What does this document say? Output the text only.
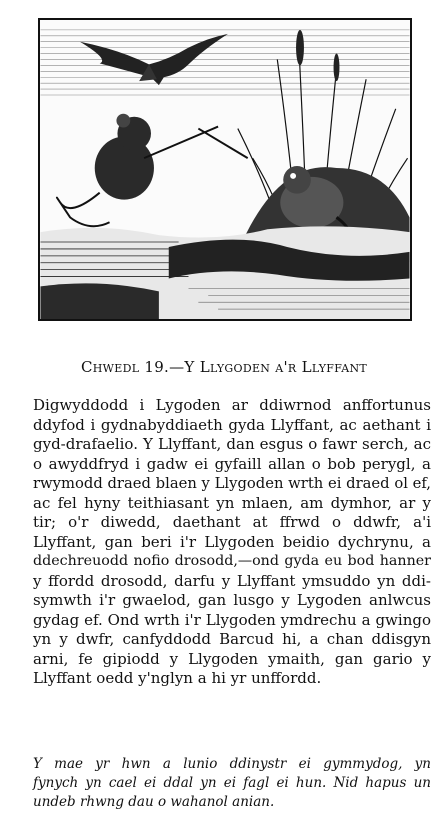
Chwedl 19.—Y Llygoden a'r Llyffant
Digwyddodd i Lygoden ar ddiwrnod anffortunus
ddyfod i gydnabyddiaeth gyda Llyffant, ac aethant i
gyd-drafaelio. Y Llyffant, dan esgus o fawr serch, ac
o awyddfryd i gadw ei gyfaill allan o bob perygl, a
rwymodd draed blaen y Llygoden wrth ei draed ol ef,
ac fel hyny teithiasant yn mlaen, am dymhor, ar y
tir; o'r diwedd, daethant at ffrwd o ddwfr, a'i
Llyffant, gan beri i'r Llygoden beidio dychrynu, a
ddechreuodd nofio drosodd,—ond gyda eu bod hanner
y ffordd drosodd, darfu y Llyffant ymsuddo yn ddi-
symwth i'r gwaelod, gan lusgo y Lygoden anlwcus
gydag ef. Ond wrth i'r Llygoden ymdrechu a gwingo
yn y dwfr, canfyddodd Barcud hi, a chan ddisgyn
arni, fe gipiodd y Llygoden ymaith, gan gario y
Llyffant oedd y'nglyn a hi yr unffordd.
Y mae yr hwn a lunio ddinystr ei gymmydog, yn
fynych yn cael ei ddal yn ei fagl ei hun. Nid hapus un
undeb rhwng dau o wahanol anian.
